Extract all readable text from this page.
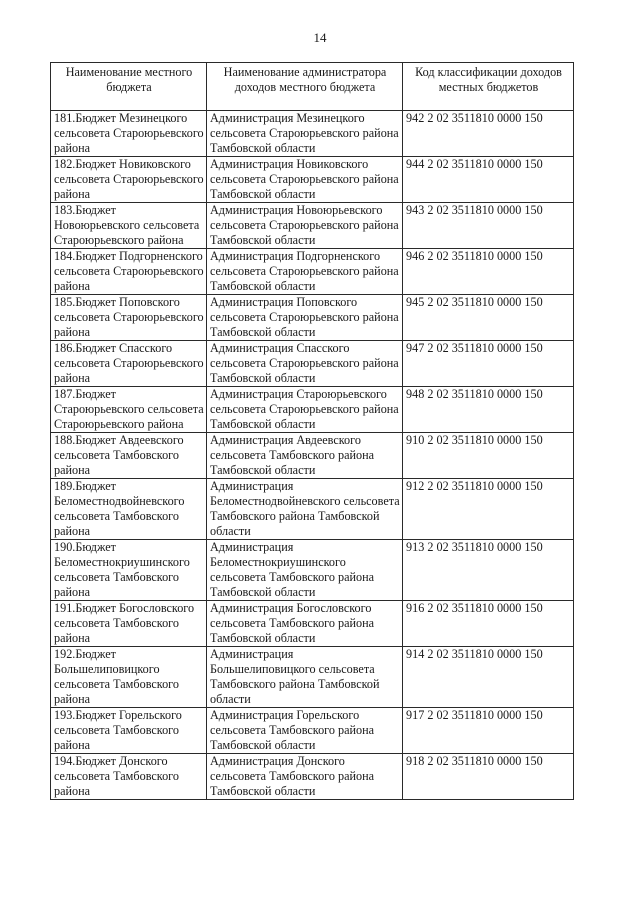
14
Наименование местного бюджета	Наименование администратора доходов местного бюджета	Код классификации доходов местных бюджетов
181.Бюджет Мезинецкого сельсовета Староюрьевского района	Администрация Мезинецкого сельсовета Староюрьевского района Тамбовской области	942 2 02 3511810 0000 150
182.Бюджет Новиковского сельсовета Староюрьевского района	Администрация Новиковского сельсовета Староюрьевского района Тамбовской области	944 2 02 3511810 0000 150
183.Бюджет Новоюрьевского сельсовета Староюрьевского района	Администрация Новоюрьевского сельсовета Староюрьевского района Тамбовской области	943 2 02 3511810 0000 150
184.Бюджет Подгорненского сельсовета Староюрьевского района	Администрация Подгорненского сельсовета Староюрьевского района Тамбовской области	946 2 02 3511810 0000 150
185.Бюджет Поповского сельсовета Староюрьевского района	Администрация Поповского сельсовета Староюрьевского района Тамбовской области	945 2 02 3511810 0000 150
186.Бюджет Спасского сельсовета Староюрьевского района	Администрация Спасского сельсовета Староюрьевского района Тамбовской области	947 2 02 3511810 0000 150
187.Бюджет Староюрьевского сельсовета Староюрьевского района	Администрация Староюрьевского сельсовета Староюрьевского района Тамбовской области	948 2 02 3511810 0000 150
188.Бюджет Авдеевского сельсовета Тамбовского района	Администрация Авдеевского сельсовета Тамбовского района Тамбовской области	910 2 02 3511810 0000 150
189.Бюджет Беломестнодвойневского сельсовета Тамбовского района	Администрация Беломестнодвойневского сельсовета Тамбовского района Тамбовской области	912 2 02 3511810 0000 150
190.Бюджет Беломестнокриушинского сельсовета Тамбовского района	Администрация Беломестнокриушинского сельсовета Тамбовского района Тамбовской области	913 2 02 3511810 0000 150
191.Бюджет Богословского сельсовета Тамбовского района	Администрация Богословского сельсовета Тамбовского района Тамбовской области	916 2 02 3511810 0000 150
192.Бюджет Большелиповицкого сельсовета Тамбовского района	Администрация Большелиповицкого сельсовета Тамбовского района Тамбовской области	914 2 02 3511810 0000 150
193.Бюджет Горельского сельсовета Тамбовского района	Администрация Горельского сельсовета Тамбовского района Тамбовской области	917 2 02 3511810 0000 150
194.Бюджет Донского сельсовета Тамбовского района	Администрация Донского сельсовета Тамбовского района Тамбовской области	918 2 02 3511810 0000 150
